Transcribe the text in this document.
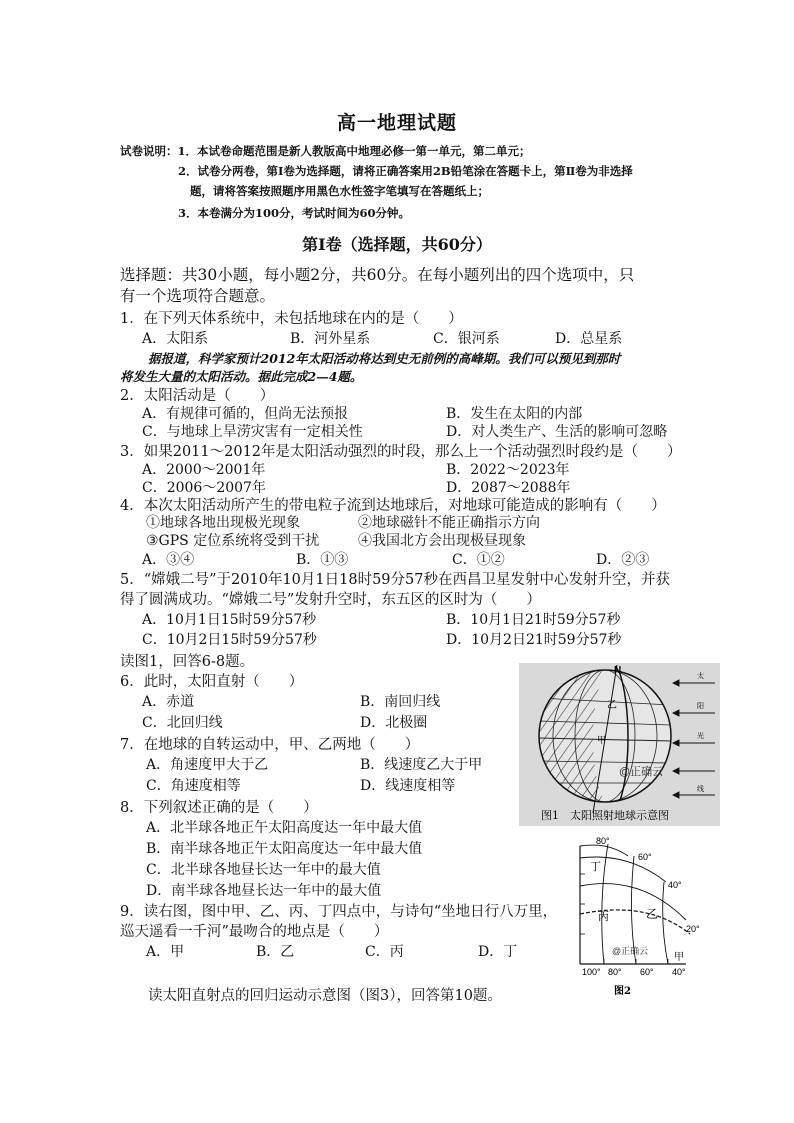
高一地理试题
试卷说明：1．本试卷命题范围是新人教版高中地理必修一第一单元，第二单元；
2．试卷分两卷，第Ⅰ卷为选择题，请将正确答案用2B铅笔涂在答题卡上，第Ⅱ卷为非选择
题，请将答案按照题序用黑色水性签字笔填写在答题纸上；
3．本卷满分为100分，考试时间为60分钟。
第Ⅰ卷（选择题，共60分）
选择题：共30小题，每小题2分，共60分。在每小题列出的四个选项中，只
有一个选项符合题意。
1．在下列天体系统中，未包括地球在内的是（　　）
A．太阳系	B．河外星系	C．银河系	D．总星系
据报道，科学家预计2012年太阳活动将达到史无前例的高峰期。我们可以预见到那时
将发生大量的太阳活动。据此完成2—4题。
2．太阳活动是（　　）
A．有规律可循的，但尚无法预报	B．发生在太阳的内部
C．与地球上旱涝灾害有一定相关性	D．对人类生产、生活的影响可忽略
3．如果2011～2012年是太阳活动强烈的时段，那么上一个活动强烈时段约是（　　）
A．2000～2001年	B．2022～2023年
C．2006～2007年	D．2087～2088年
4．本次太阳活动所产生的带电粒子流到达地球后，对地球可能造成的影响有（　　）
①地球各地出现极光现象	②地球磁针不能正确指示方向
③GPS 定位系统将受到干扰	④我国北方会出现极昼现象
A．③④	B．①③	C．①②	D．②③
5．“嫦娥二号”于2010年10月1日18时59分57秒在西昌卫星发射中心发射升空，并获
得了圆满成功。“嫦娥二号”发射升空时，东五区的区时为（　　）
A．10月1日15时59分57秒	B．10月1日21时59分57秒
C．10月2日15时59分57秒	D．10月2日21时59分57秒
读图1，回答6-8题。
6．此时，太阳直射（　　）
A．赤道	B．南回归线
C．北回归线	D．北极圈
7．在地球的自转运动中，甲、乙两地（　　）
A．角速度甲大于乙	B．线速度乙大于甲
C．角速度相等	D．线速度相等
8．下列叙述正确的是（　　）
A．北半球各地正午太阳高度达一年中最大值
B．南半球各地正午太阳高度达一年中最大值
C．北半球各地昼长达一年中的最大值
D．南半球各地昼长达一年中的最大值
9．读右图，图中甲、乙、丙、丁四点中，与诗句“坐地日行八万里，
巡天遥看一千河”最吻合的地点是（　　）
A．甲	B．乙	C．丙	D．丁
读太阳直射点的回归运动示意图（图3），回答第10题。
N
乙
甲
@正确云
太
阳
光
线
图1　太阳照射地球示意图
80°
60°
40°
20°
100° 80° 60° 40°
丁
丙	乙
甲
@正确云
图2
